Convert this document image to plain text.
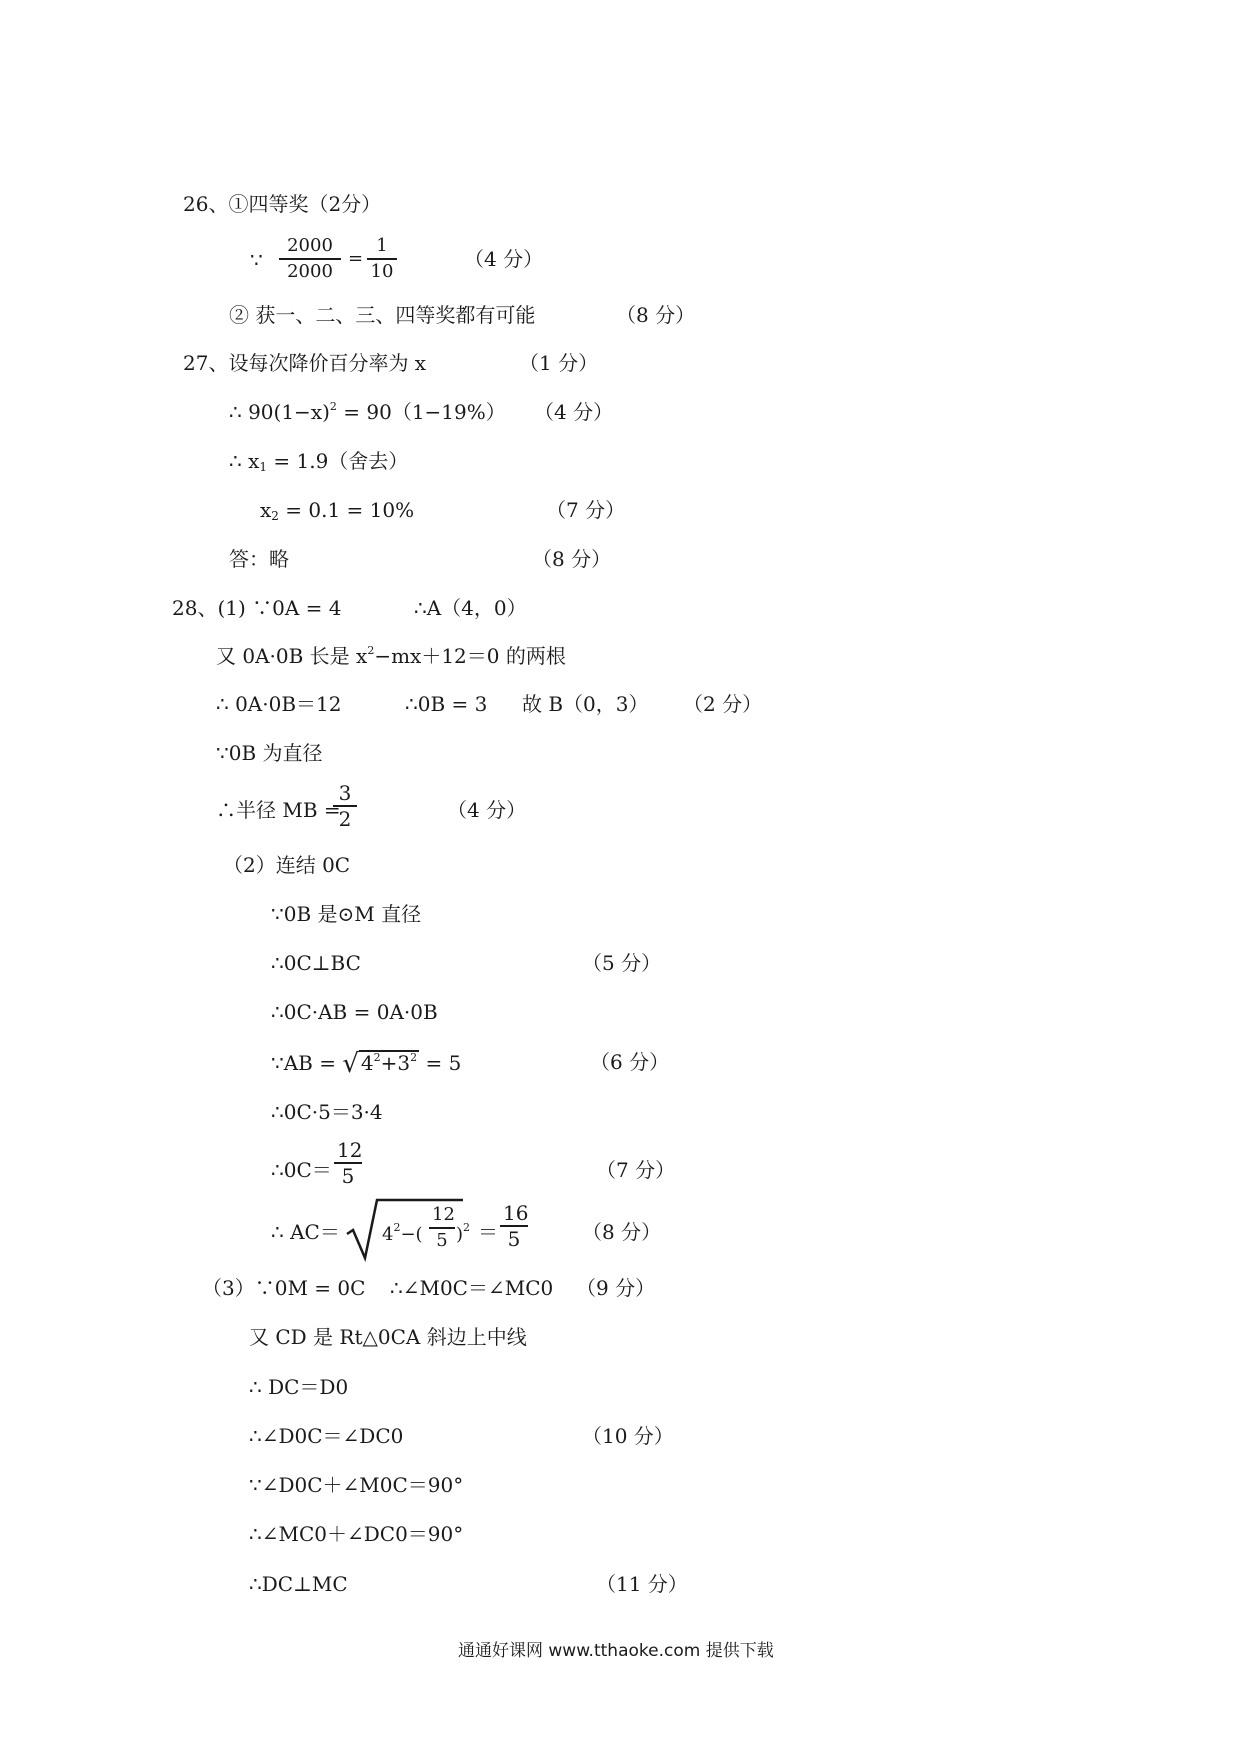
26、①四等奖（2分）
∵ $\frac{2000}{2000} = \frac{1}{10}$	（4 分）
② 获一、二、三、四等奖都有可能	（8 分）
27、设每次降价百分率为 x	（1 分）
∴ $90(1-x)^2 = 90(1-19\%)$ （4 分）
∴ x1 = 1.9（舍去）
x2 = 0.1 = 10%	（7 分）
答：略	（8 分）
28、(1) ∵0A = 4	∴A（4，0）
又 0A·0B 长是 $x^2-mx+12=0$ 的两根
∴ 0A·0B＝12	∴0B = 3 故 B（0，3） （2 分）
∵0B 为直径
∴半径 MB =
$\frac{3}{2}$	（4 分）
（2）连结 0C
∵0B 是⊙M 直径
∴0C⊥BC	（5 分）
∴0C·AB = 0A·0B
∵AB = √ $4^2+3^2 = 5$	（6 分）
∴0C·5＝3·4
∴0C＝ $\frac{12}{5}$	（7 分）
∴ $AC= 4^2-( \frac{12}{5} )^2 = \frac{16}{5}$	（8 分）
（3）∵0M = 0C ∴∠M0C＝∠MC0 （9 分）
又 CD 是 Rt△0CA 斜边上中线
∴ DC＝D0
∴∠D0C＝∠DC0	（10 分）
∵∠D0C＋∠M0C＝90°
∴∠MC0＋∠DC0＝90°
∴DC⊥MC	（11 分）
通通好课网 www.tthaoke.com 提供下载
